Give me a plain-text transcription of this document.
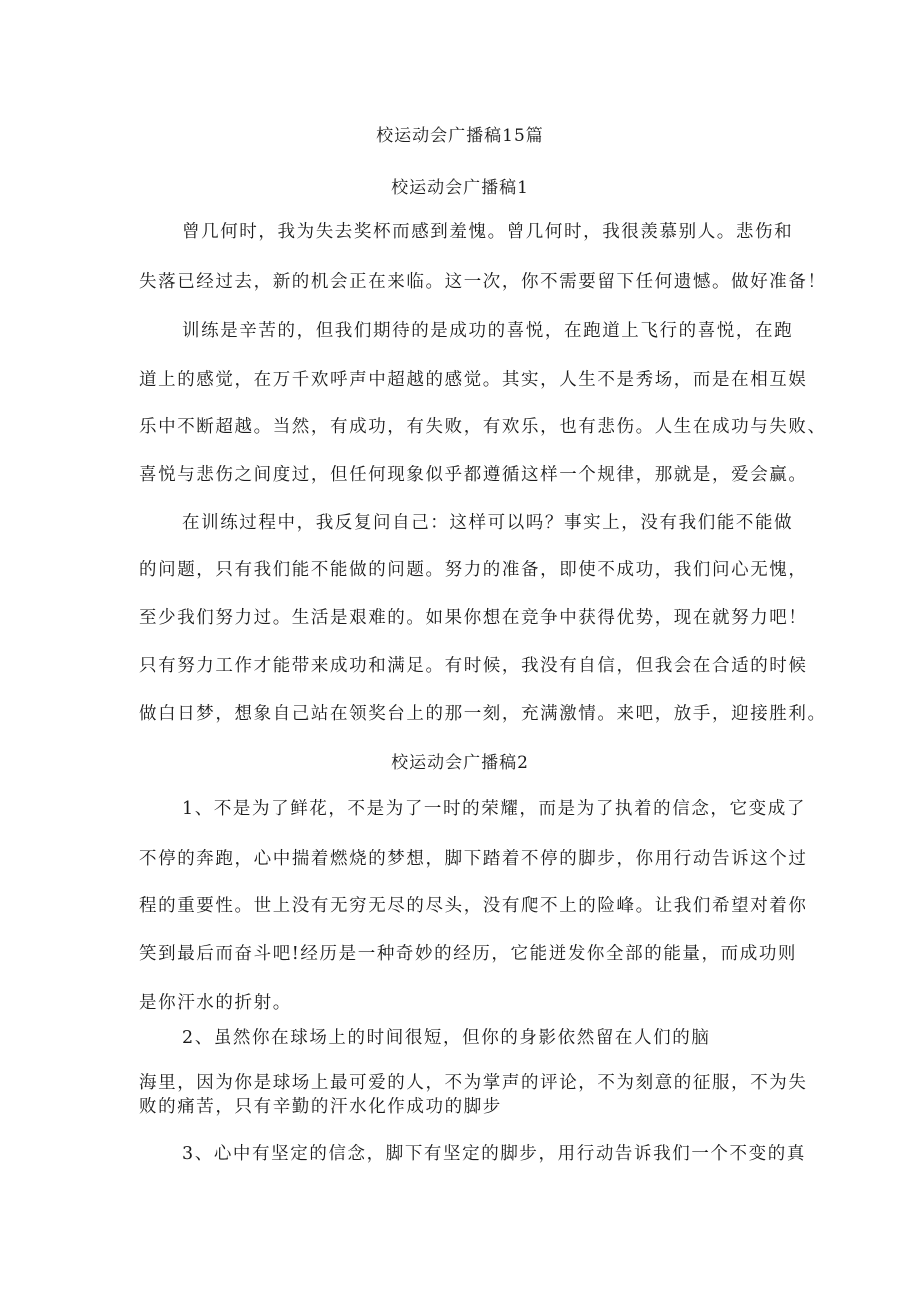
校运动会广播稿15篇
校运动会广播稿1
曾几何时，我为失去奖杯而感到羞愧。曾几何时，我很羡慕别人。悲伤和
失落已经过去，新的机会正在来临。这一次，你不需要留下任何遗憾。做好准备！
训练是辛苦的，但我们期待的是成功的喜悦，在跑道上飞行的喜悦，在跑
道上的感觉，在万千欢呼声中超越的感觉。其实，人生不是秀场，而是在相互娱
乐中不断超越。当然，有成功，有失败，有欢乐，也有悲伤。人生在成功与失败、
喜悦与悲伤之间度过，但任何现象似乎都遵循这样一个规律，那就是，爱会赢。
在训练过程中，我反复问自己：这样可以吗？事实上，没有我们能不能做
的问题，只有我们能不能做的问题。努力的准备，即使不成功，我们问心无愧，
至少我们努力过。生活是艰难的。如果你想在竞争中获得优势，现在就努力吧！
只有努力工作才能带来成功和满足。有时候，我没有自信，但我会在合适的时候
做白日梦，想象自己站在领奖台上的那一刻，充满激情。来吧，放手，迎接胜利。
校运动会广播稿2
1、不是为了鲜花，不是为了一时的荣耀，而是为了执着的信念，它变成了
不停的奔跑，心中揣着燃烧的梦想，脚下踏着不停的脚步，你用行动告诉这个过
程的重要性。世上没有无穷无尽的尽头，没有爬不上的险峰。让我们希望对着你
笑到最后而奋斗吧!经历是一种奇妙的经历，它能迸发你全部的能量，而成功则
是你汗水的折射。
2、虽然你在球场上的时间很短，但你的身影依然留在人们的脑
海里，因为你是球场上最可爱的人，不为掌声的评论，不为刻意的征服，不为失
败的痛苦，只有辛勤的汗水化作成功的脚步
3、心中有坚定的信念，脚下有坚定的脚步，用行动告诉我们一个不变的真
